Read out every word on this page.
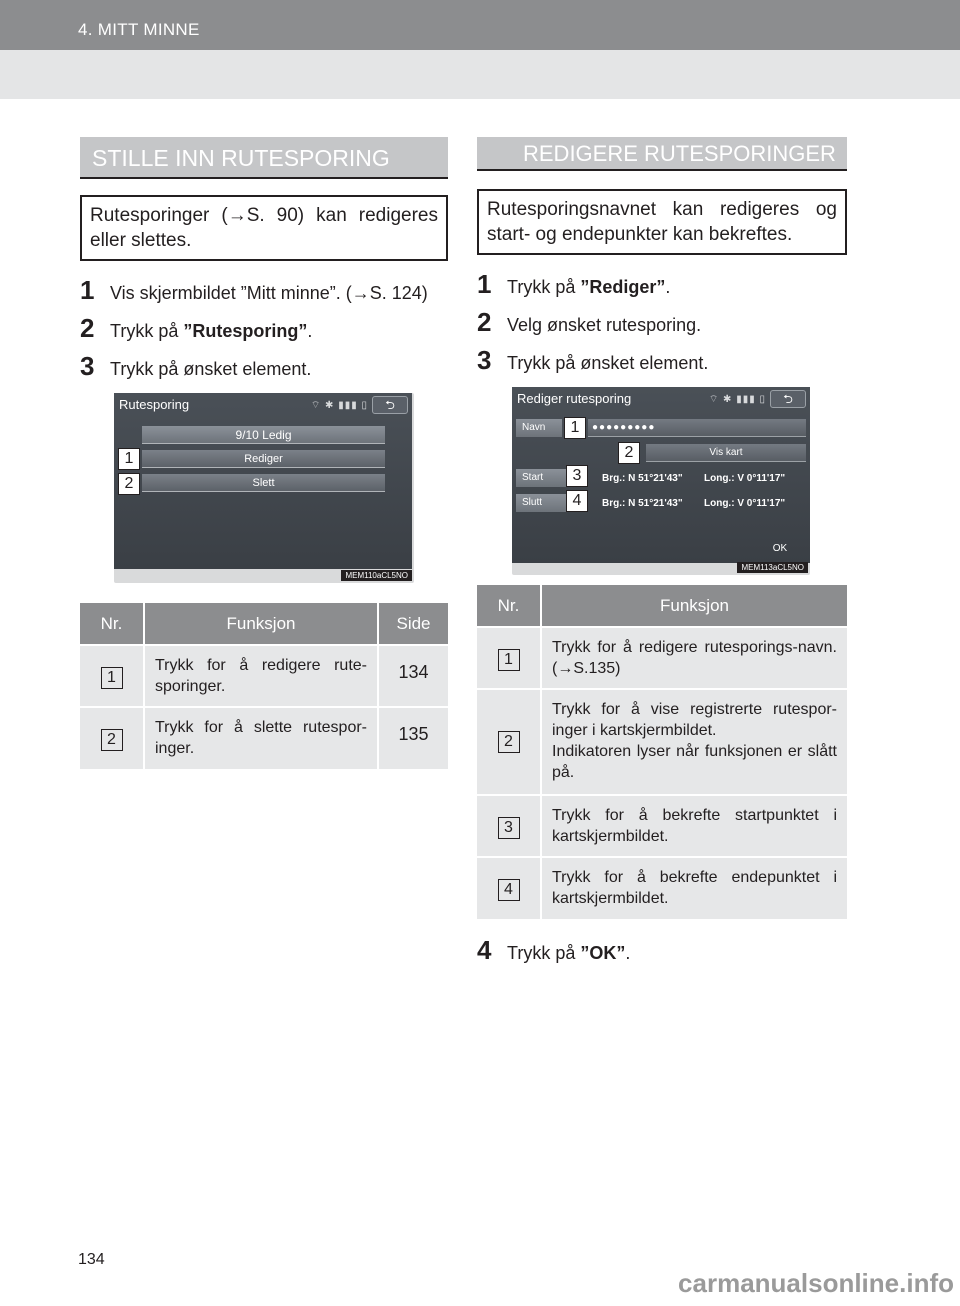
4. MITT MINNE
STILLE INN RUTESPORING
Rutesporinger (→S. 90) kan redigeres eller slettes.
1 Vis skjermbildet ”Mitt minne”. (→S. 124)
2 Trykk på ”Rutesporing”.
3 Trykk på ønsket element.
Rutesporing	⌔ ✱ ▮▮▮ ▯	⮌
9/10 Ledig
Rediger
Slett
1
2
MEM110aCL5NO
Nr.	Funksjon	Side
1	Trykk for å redigere rute-sporinger.	134
2	Trykk for å slette rutespor-inger.	135
REDIGERE RUTESPORINGER
Rutesporingsnavnet kan redigeres og start- og endepunkter kan bekreftes.
1 Trykk på ”Rediger”.
2 Velg ønsket rutesporing.
3 Trykk på ønsket element.
Rediger rutesporing	⌔ ✱ ▮▮▮ ▯	⮌
Navn	●●●●●●●●●
Vis kart
Start	Brg.: N 51°21'43" Long.: V 0°11'17"
Slutt	Brg.: N 51°21'43" Long.: V 0°11'17"
OK
1
2
3
4
MEM113aCL5NO
Nr.	Funksjon
1	Trykk for å redigere rutesporings-navn. (→S.135)
2	Trykk for å vise registrerte rutespor-inger i kartskjermbildet.
Indikatoren lyser når funksjonen er slått på.

3	Trykk for å bekrefte startpunktet i kartskjermbildet.
4	Trykk for å bekrefte endepunktet i kartskjermbildet.
4 Trykk på ”OK”.
134
carmanualsonline.info
